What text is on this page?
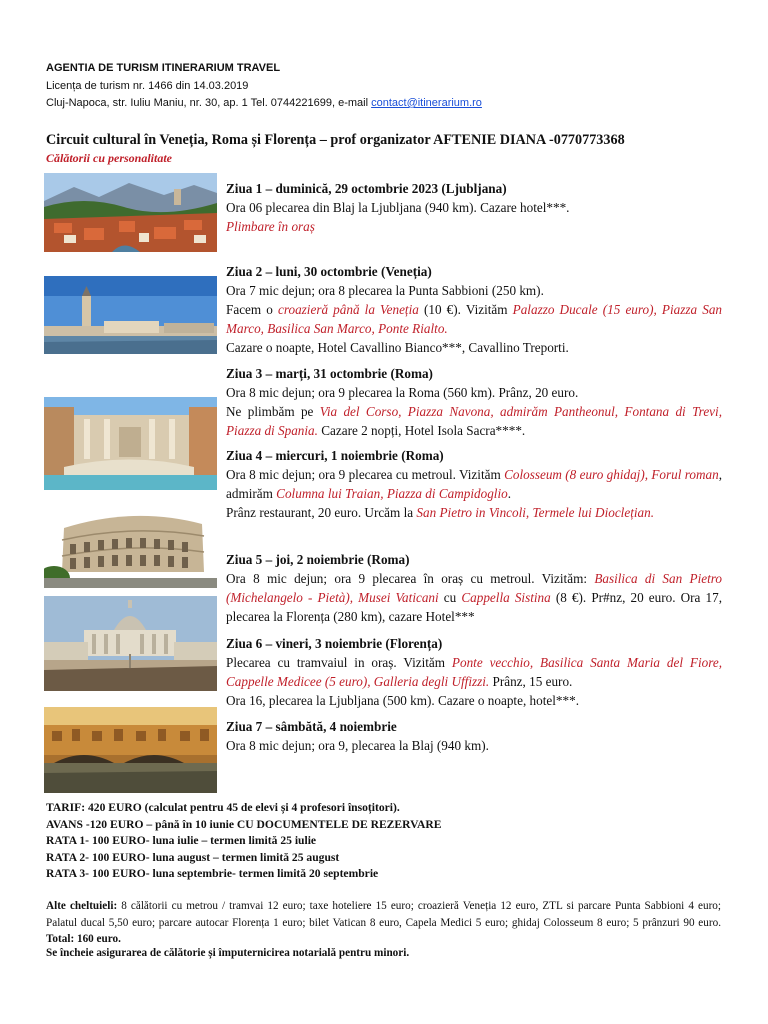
AGENTIA DE TURISM ITINERARIUM TRAVEL
Licența de turism nr. 1466 din 14.03.2019
Cluj-Napoca, str. Iuliu Maniu, nr. 30, ap. 1 Tel. 0744221699, e-mail contact@itinerarium.ro
Circuit cultural în Veneția, Roma și Florența – prof organizator AFTENIE DIANA -0770773368
Călătorii cu personalitate
Ziua 1 – duminică, 29 octombrie 2023 (Ljubljana)
Ora 06 plecarea din Blaj la Ljubljana (940 km). Cazare hotel***.
Plimbare în oraș
Ziua 2 – luni, 30 octombrie (Veneția)
Ora 7 mic dejun; ora 8 plecarea la Punta Sabbioni (250 km).

Facem o croazieră până la Veneția (10 €). Vizităm Palazzo Ducale (15 euro), Piazza San Marco, Basilica San Marco, Ponte Rialto.

Cazare o noapte, Hotel Cavallino Bianco***, Cavallino Treporti.
Ziua 3 – marți, 31 octombrie (Roma)
Ora 8 mic dejun; ora 9 plecarea la Roma (560 km). Prânz, 20 euro.

Ne plimbăm pe Via del Corso, Piazza Navona, admirăm Pantheonul, Fontana di Trevi, Piazza di Spania. Cazare 2 nopți, Hotel Isola Sacra****.

Ziua 4 – miercuri, 1 noiembrie (Roma)

Ora 8 mic dejun; ora 9 plecarea cu metroul. Vizităm Colosseum (8 euro ghidaj), Forul roman, admirăm Columna lui Traian, Piazza di Campidoglio.

Prânz restaurant, 20 euro. Urcăm la San Pietro in Vincoli, Termele lui Dioclețian.

Ziua 5 – joi, 2 noiembrie (Roma)

Ora 8 mic dejun; ora 9 plecarea în oraș cu metroul. Vizităm: Basilica di San Pietro (Michelangelo - Pietà), Musei Vaticani cu Cappella Sistina (8 €). Pr#nz, 20 euro. Ora 17, plecarea la Florența (280 km), cazare Hotel***

Ziua 6 – vineri, 3 noiembrie (Florența)

Plecarea cu tramvaiul in oraș. Vizităm Ponte vecchio, Basilica Santa Maria del Fiore, Cappelle Medicee (5 euro), Galleria degli Uffizzi. Prânz, 15 euro.

Ora 16, plecarea la Ljubljana (500 km). Cazare o noapte, hotel***.
Ziua 7 – sâmbătă, 4 noiembrie
Ora 8 mic dejun; ora 9, plecarea la Blaj (940 km).
TARIF: 420 EURO (calculat pentru 45 de elevi și 4 profesori însoțitori).
AVANS -120 EURO – până în 10 iunie CU DOCUMENTELE DE REZERVARE
RATA 1- 100 EURO- luna iulie – termen limită 25 iulie
RATA 2- 100 EURO- luna august – termen limită 25 august
RATA 3- 100 EURO- luna septembrie- termen limită 20 septembrie
Alte cheltuieli: 8 călătorii cu metrou / tramvai 12 euro; taxe hoteliere 15 euro; croazieră Veneția 12 euro, ZTL si parcare Punta Sabbioni 4 euro; Palatul ducal 5,50 euro; parcare autocar Florența 1 euro; bilet Vatican 8 euro, Capela Medici 5 euro; ghidaj Colosseum 8 euro; 5 prânzuri 90 euro. Total: 160 euro.
Se încheie asigurarea de călătorie și împuternicirea notarială pentru minori.
